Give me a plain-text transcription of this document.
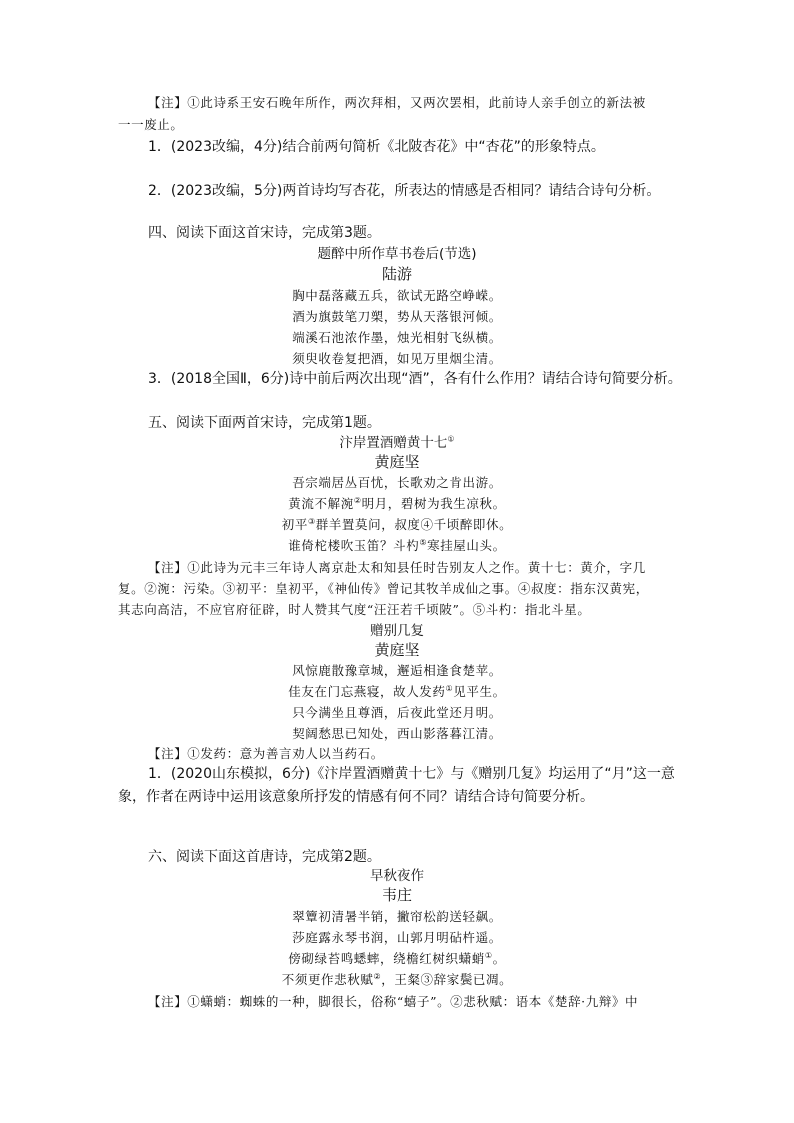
【注】①此诗系王安石晚年所作，两次拜相，又两次罢相，此前诗人亲手创立的新法被
一一废止。
1．(2023改编，4分)结合前两句简析《北陂杏花》中“杏花”的形象特点。
2．(2023改编，5分)两首诗均写杏花，所表达的情感是否相同？请结合诗句分析。
四、阅读下面这首宋诗，完成第3题。
题醉中所作草书卷后(节选)
陆游
胸中磊落藏五兵，欲试无路空峥嵘。
酒为旗鼓笔刀槊，势从天落银河倾。
端溪石池浓作墨，烛光相射飞纵横。
须臾收卷复把酒，如见万里烟尘清。
3．(2018全国Ⅱ，6分)诗中前后两次出现“酒”，各有什么作用？请结合诗句简要分析。
五、阅读下面两首宋诗，完成第1题。
汴岸置酒赠黄十七①
黄庭坚
吾宗端居丛百忧，长歌劝之肯出游。
黄流不解涴②明月，碧树为我生凉秋。
初平③群羊置莫问，叔度④千顷醉即休。
谁倚柁楼吹玉笛？斗杓⑤寒挂屋山头。
【注】①此诗为元丰三年诗人离京赴太和知县任时告别友人之作。黄十七：黄介，字几
复。②涴：污染。③初平：皇初平，《神仙传》曾记其牧羊成仙之事。④叔度：指东汉黄宪，
其志向高洁，不应官府征辟，时人赞其气度“汪汪若千顷陂”。⑤斗杓：指北斗星。
赠别几复
黄庭坚
风惊鹿散豫章城，邂逅相逢食楚苹。
佳友在门忘燕寝，故人发药①见平生。
只今满坐且尊酒，后夜此堂还月明。
契阔愁思已知处，西山影落暮江清。
【注】①发药：意为善言劝人以当药石。
1．(2020山东模拟，6分)《汴岸置酒赠黄十七》与《赠别几复》均运用了“月”这一意
象，作者在两诗中运用该意象所抒发的情感有何不同？请结合诗句简要分析。
六、阅读下面这首唐诗，完成第2题。
早秋夜作
韦庄
翠簟初清暑半销，撇帘松韵送轻飙。
莎庭露永琴书润，山郭月明砧杵遥。
傍砌绿苔鸣蟋蟀，绕檐红树织蟏蛸①。
不须更作悲秋赋②，王粲③辞家鬓已凋。
【注】①蟏蛸：蜘蛛的一种，脚很长，俗称“蟢子”。②悲秋赋：语本《楚辞·九辩》中
